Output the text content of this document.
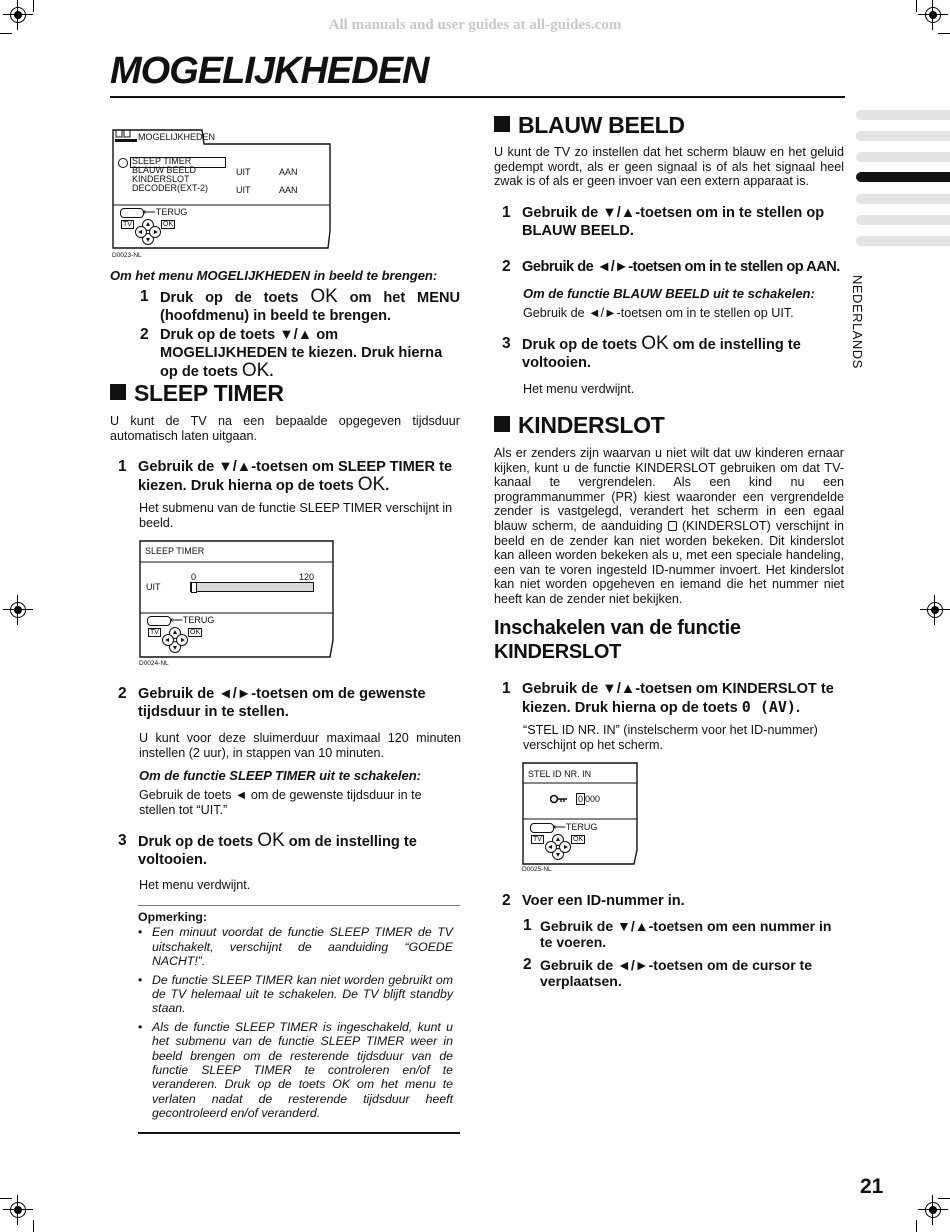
All manuals and user guides at all-guides.com
MOGELIJKHEDEN
NEDERLANDS
21
MOGELIJKHEDEN
SLEEP TIMER
BLAUW BEELD	UIT	AAN
KINDERSLOT
DECODER(EXT-2)	UIT	AAN
⟵TERUG
TV	OK
D0023-NL
Om het menu MOGELIJKHEDEN in beeld te brengen:
1 Druk op de toets OK om het MENU (hoofdmenu) in beeld te brengen.
2 Druk op de toets ▼/▲ om MOGELIJKHEDEN te kiezen. Druk hierna op de toets OK.
SLEEP TIMER
U kunt de TV na een bepaalde opgegeven tijdsduur automatisch laten uitgaan.
1 Gebruik de ▼/▲-toetsen om SLEEP TIMER te kiezen. Druk hierna op de toets OK.
Het submenu van de functie SLEEP TIMER verschijnt in beeld.
SLEEP TIMER
0	120
UIT
⟵TERUG
TV	OK
D0024-NL
2 Gebruik de ◄/►-toetsen om de gewenste tijdsduur in te stellen.
U kunt voor deze sluimerduur maximaal 120 minuten instellen (2 uur), in stappen van 10 minuten.
Om de functie SLEEP TIMER uit te schakelen:
Gebruik de toets ◄ om de gewenste tijdsduur in te stellen tot “UIT.”
3 Druk op de toets OK om de instelling te voltooien.
Het menu verdwijnt.
Opmerking:
• Een minuut voordat de functie SLEEP TIMER de TV uitschakelt, verschijnt de aanduiding “GOEDE NACHT!”.
• De functie SLEEP TIMER kan niet worden gebruikt om de TV helemaal uit te schakelen. De TV blijft standby staan.
• Als de functie SLEEP TIMER is ingeschakeld, kunt u het submenu van de functie SLEEP TIMER weer in beeld brengen om de resterende tijdsduur van de functie SLEEP TIMER te controleren en/of te veranderen. Druk op de toets OK om het menu te verlaten nadat de resterende tijdsduur heeft gecontroleerd en/of veranderd.
BLAUW BEELD
U kunt de TV zo instellen dat het scherm blauw en het geluid gedempt wordt, als er geen signaal is of als het signaal heel zwak is of als er geen invoer van een extern apparaat is.
1 Gebruik de ▼/▲-toetsen om in te stellen op BLAUW BEELD.
2 Gebruik de ◄/►-toetsen om in te stellen op AAN.
Om de functie BLAUW BEELD uit te schakelen:
Gebruik de ◄/►-toetsen om in te stellen op UIT.
3 Druk op de toets OK om de instelling te voltooien.
Het menu verdwijnt.
KINDERSLOT
Als er zenders zijn waarvan u niet wilt dat uw kinderen ernaar kijken, kunt u de functie KINDERSLOT gebruiken om dat TV-kanaal te vergrendelen. Als een kind nu een programmanummer (PR) kiest waaronder een vergrendelde zender is vastgelegd, verandert het scherm in een egaal blauw scherm, de aanduiding (KINDERSLOT) verschijnt in beeld en de zender kan niet worden bekeken. Dit kinderslot kan alleen worden bekeken als u, met een speciale handeling, een van te voren ingesteld ID-nummer invoert. Het kinderslot kan niet worden opgeheven en iemand die het nummer niet heeft kan de zender niet bekijken.
Inschakelen van de functie KINDERSLOT
1 Gebruik de ▼/▲-toetsen om KINDERSLOT te kiezen. Druk hierna op de toets 0 (AV).
“STEL ID NR. IN” (instelscherm voor het ID-nummer) verschijnt op het scherm.
STEL ID NR. IN
0 000
⟵TERUG
TV	OK
D0025-NL
2 Voer een ID-nummer in.
1 Gebruik de ▼/▲-toetsen om een nummer in te voeren.
2 Gebruik de ◄/►-toetsen om de cursor te verplaatsen.
